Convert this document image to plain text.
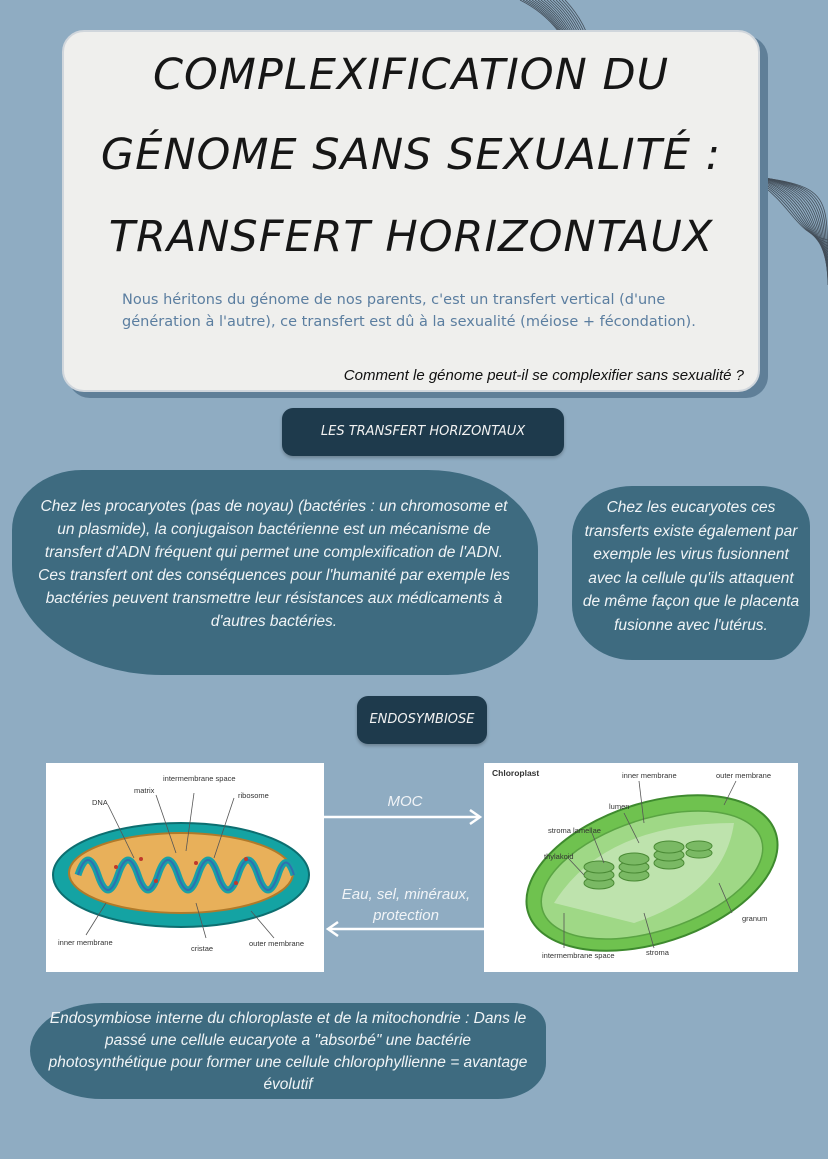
COMPLEXIFICATION DU
GÉNOME SANS SEXUALITÉ :
TRANSFERT HORIZONTAUX

Nous héritons du génome de nos parents, c'est un transfert vertical (d'une génération à l'autre), ce transfert est dû à la sexualité (méiose + fécondation).

Comment le génome peut-il se complexifier sans sexualité ?

LES TRANSFERT HORIZONTAUX

Chez les procaryotes (pas de noyau) (bactéries : un chromosome et un plasmide), la conjugaison bactérienne est un mécanisme de transfert d'ADN fréquent qui permet une complexification de l'ADN.

Ces transfert ont des conséquences pour l'humanité par exemple les bactéries peuvent transmettre leur résistances aux médicaments à d'autres bactéries.

Chez les eucaryotes ces transferts existe également par exemple les virus fusionnent avec la cellule qu'ils attaquent de même façon que le placenta fusionne avec l'utérus.

ENDOSYMBIOSE
intermembrane space
matrix
DNA
ribosome
inner membrane
cristae
outer membrane

MOC

Eau, sel, minéraux, protection

Chloroplast	inner membrane	outer membrane
lumen
stroma lamellae
thylakoid
granum
intermembrane space	stroma

Endosymbiose interne du chloroplaste et de la mitochondrie : Dans le passé une cellule eucaryote a "absorbé" une bactérie photosynthétique pour former une cellule chlorophyllienne = avantage évolutif
